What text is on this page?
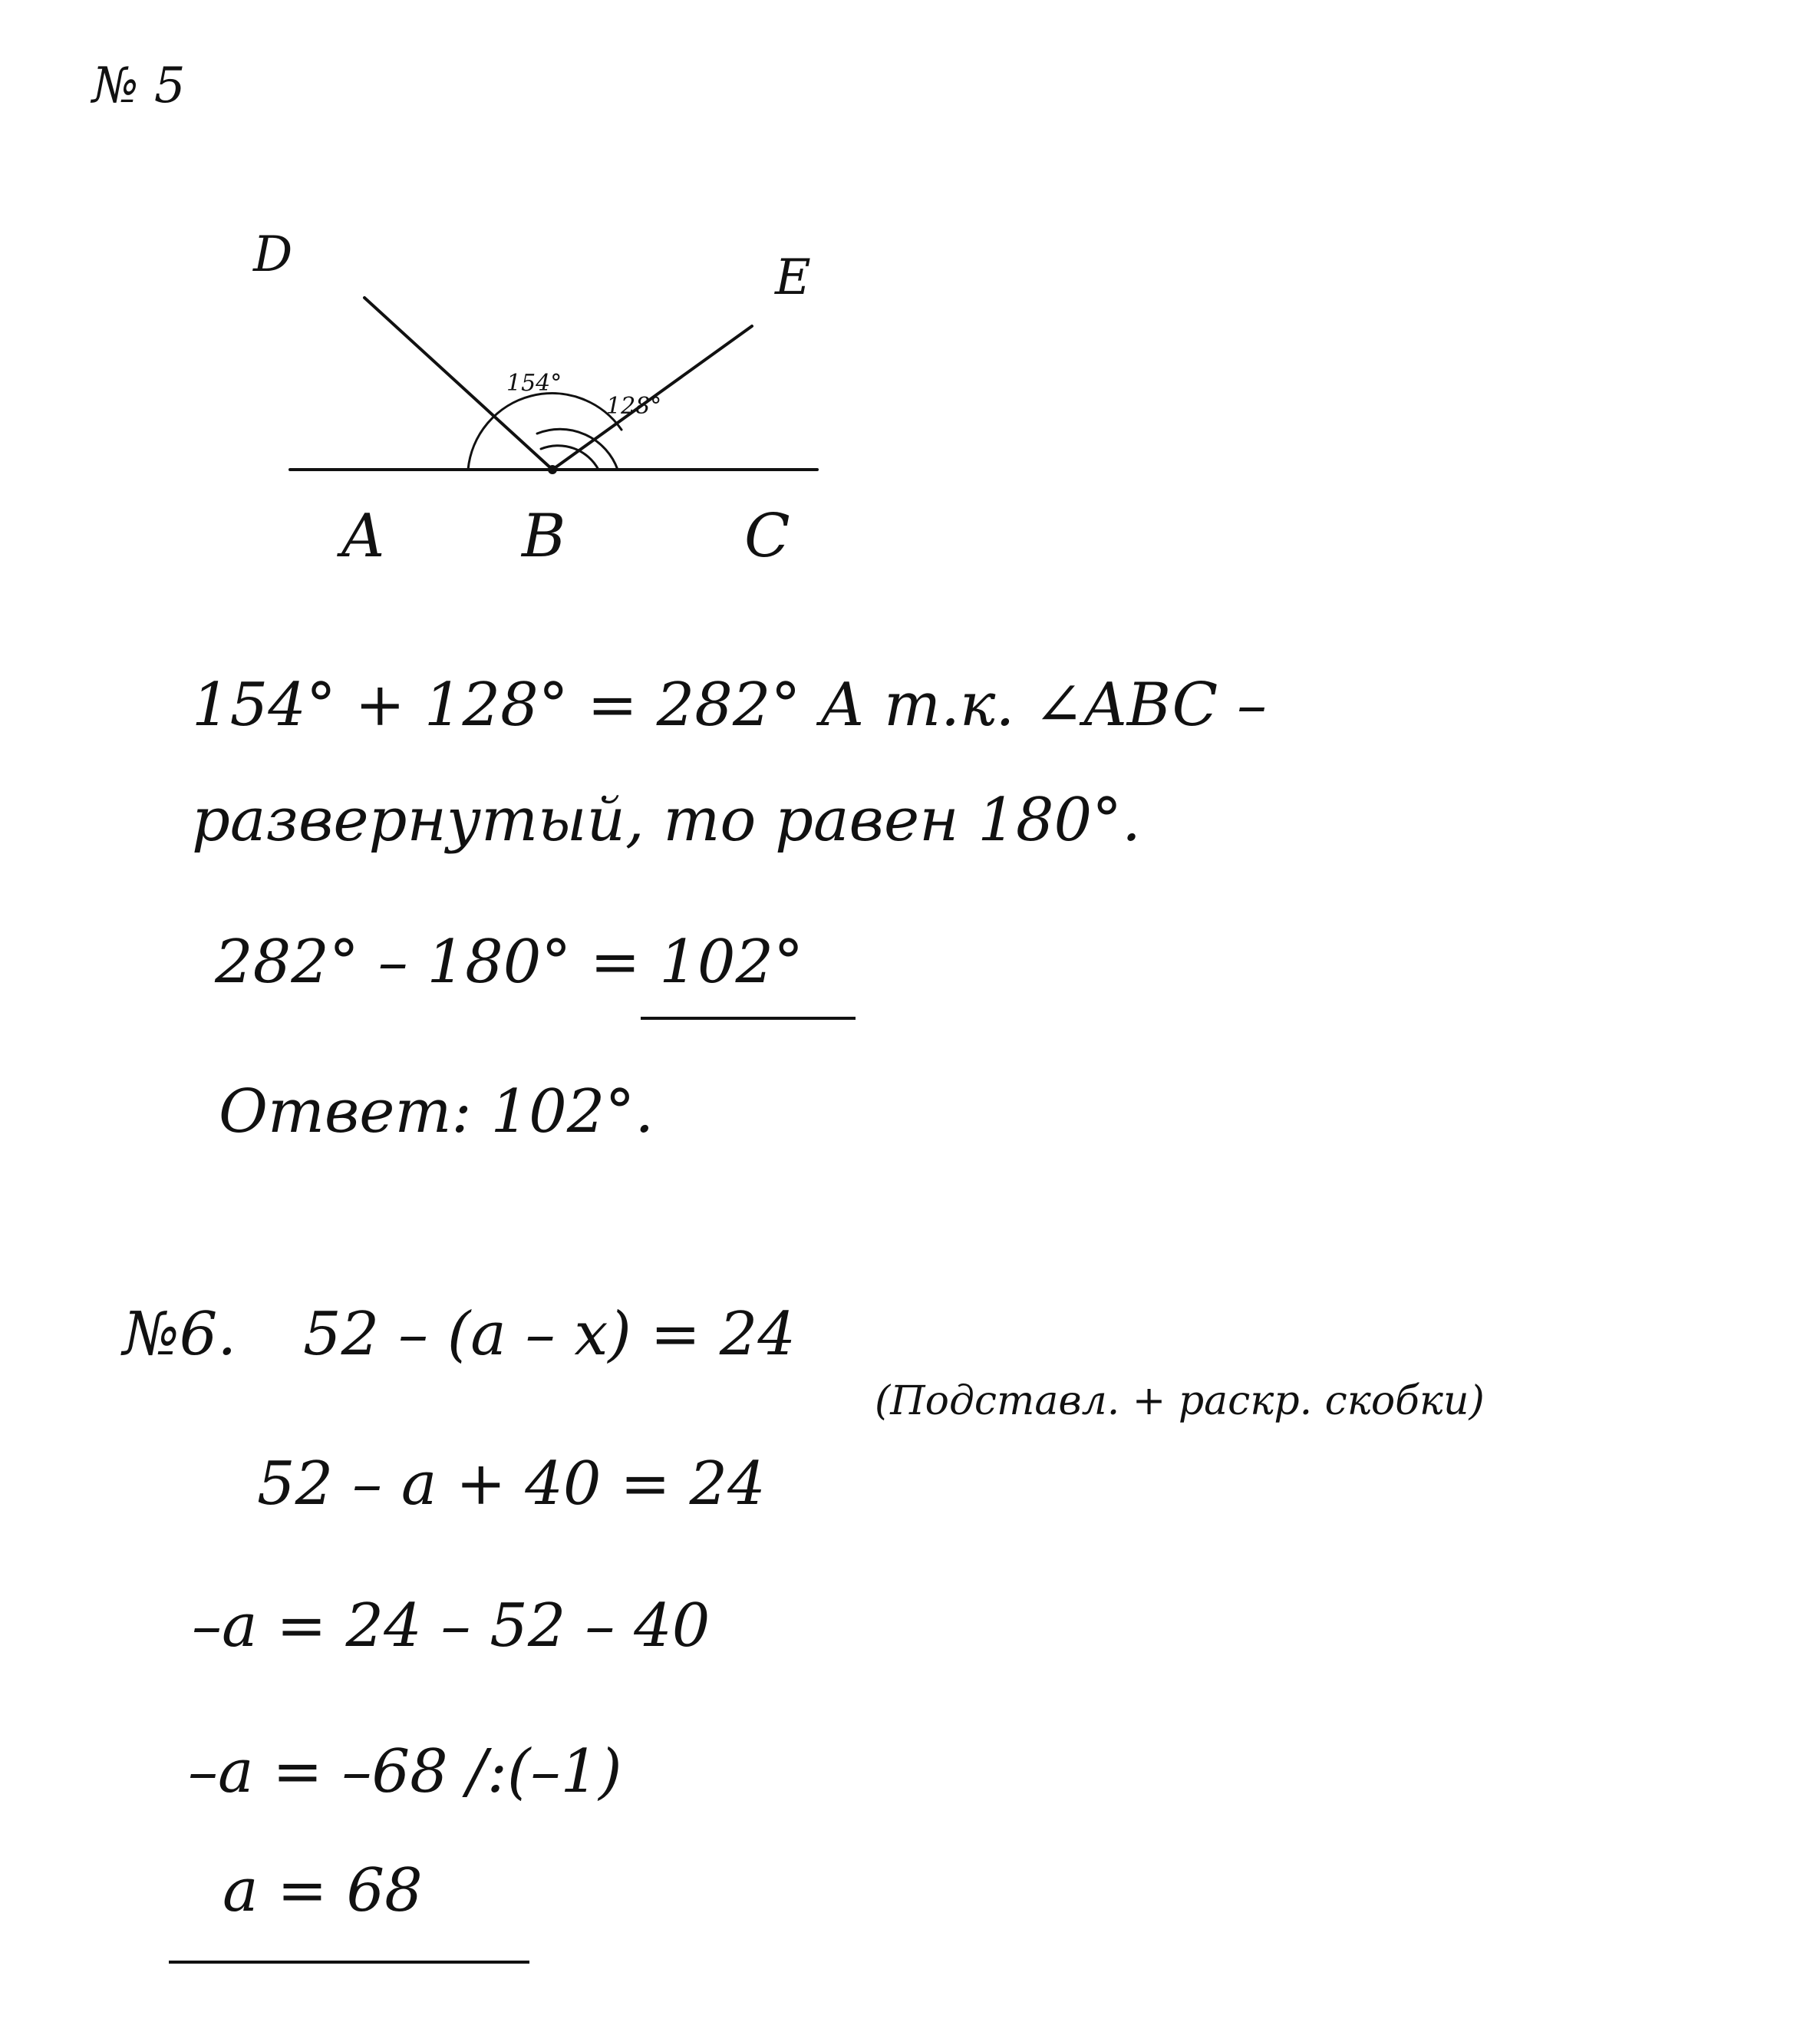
№ 5
D	E
A B	C
154°
128°
154° + 128° = 282° А т.к. ∠ABC –
развернутый, то равен 180°.
282° – 180° = 102°
Ответ: 102°.
№6. 52 – (a – x) = 24
(Подставл. + раскр. скобки)
52 – a + 40 = 24
–a = 24 – 52 – 40
–a = –68 /:(–1)
a = 68
